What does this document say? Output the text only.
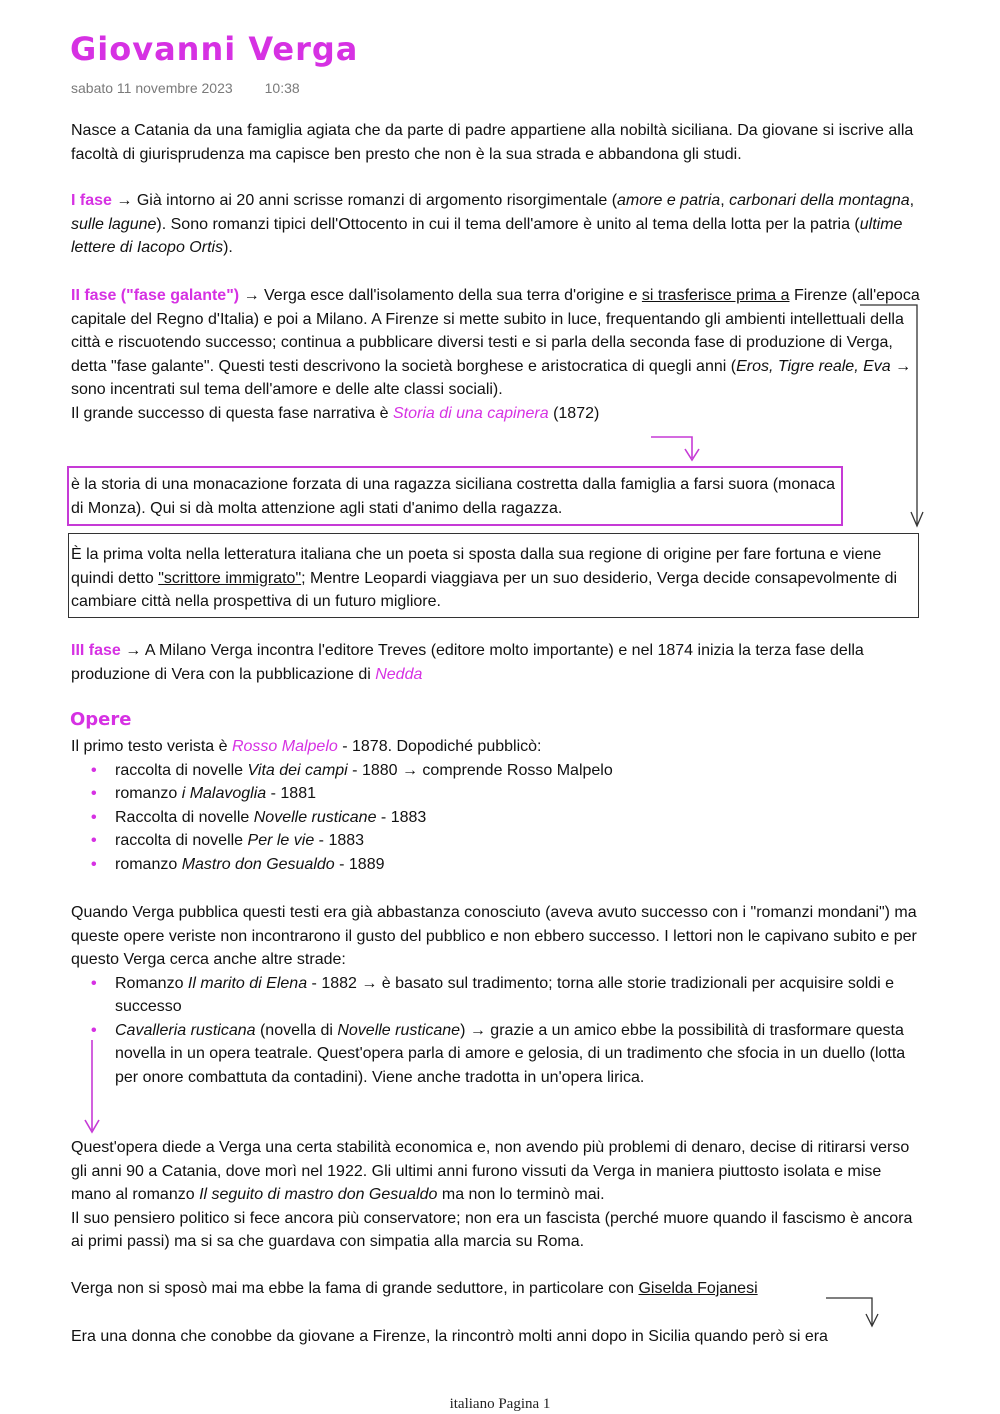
Giovanni Verga
sabato 11 novembre 2023 10:38
Nasce a Catania da una famiglia agiata che da parte di padre appartiene alla nobiltà siciliana. Da giovane si iscrive alla facoltà di giurisprudenza ma capisce ben presto che non è la sua strada e abbandona gli studi.
I fase → Già intorno ai 20 anni scrisse romanzi di argomento risorgimentale (amore e patria, carbonari della montagna, sulle lagune). Sono romanzi tipici dell'Ottocento in cui il tema dell'amore è unito al tema della lotta per la patria (ultime lettere di Iacopo Ortis).
II fase ("fase galante") → Verga esce dall'isolamento della sua terra d'origine e si trasferisce prima a Firenze (all'epoca capitale del Regno d'Italia) e poi a Milano. A Firenze si mette subito in luce, frequentando gli ambienti intellettuali della città e riscuotendo successo; continua a pubblicare diversi testi e si parla della seconda fase di produzione di Verga, detta "fase galante". Questi testi descrivono la società borghese e aristocratica di quegli anni (Eros, Tigre reale, Eva → sono incentrati sul tema dell'amore e delle alte classi sociali).
Il grande successo di questa fase narrativa è Storia di una capinera (1872)
è la storia di una monacazione forzata di una ragazza siciliana costretta dalla famiglia a farsi suora (monaca di Monza). Qui si dà molta attenzione agli stati d'animo della ragazza.
È la prima volta nella letteratura italiana che un poeta si sposta dalla sua regione di origine per fare fortuna e viene quindi detto "scrittore immigrato"; Mentre Leopardi viaggiava per un suo desiderio, Verga decide consapevolmente di cambiare città nella prospettiva di un futuro migliore.
III fase → A Milano Verga incontra l'editore Treves (editore molto importante) e nel 1874 inizia la terza fase della produzione di Vera con la pubblicazione di Nedda
Opere
Il primo testo verista è Rosso Malpelo - 1878. Dopodiché pubblicò:
• raccolta di novelle Vita dei campi - 1880 → comprende Rosso Malpelo
• romanzo i Malavoglia - 1881
• Raccolta di novelle Novelle rusticane - 1883
• raccolta di novelle Per le vie - 1883
• romanzo Mastro don Gesualdo - 1889
Quando Verga pubblica questi testi era già abbastanza conosciuto (aveva avuto successo con i "romanzi mondani") ma queste opere veriste non incontrarono il gusto del pubblico e non ebbero successo. I lettori non le capivano subito e per questo Verga cerca anche altre strade:
• Romanzo Il marito di Elena - 1882 → è basato sul tradimento; torna alle storie tradizionali per acquisire soldi e successo
• Cavalleria rusticana (novella di Novelle rusticane) → grazie a un amico ebbe la possibilità di trasformare questa novella in un opera teatrale. Quest'opera parla di amore e gelosia, di un tradimento che sfocia in un duello (lotta per onore combattuta da contadini). Viene anche tradotta in un'opera lirica.
Quest'opera diede a Verga una certa stabilità economica e, non avendo più problemi di denaro, decise di ritirarsi verso gli anni 90 a Catania, dove morì nel 1922. Gli ultimi anni furono vissuti da Verga in maniera piuttosto isolata e mise mano al romanzo Il seguito di mastro don Gesualdo ma non lo terminò mai.
Il suo pensiero politico si fece ancora più conservatore; non era un fascista (perché muore quando il fascismo è ancora ai primi passi) ma si sa che guardava con simpatia alla marcia su Roma.
Verga non si sposò mai ma ebbe la fama di grande seduttore, in particolare con Giselda Fojanesi
Era una donna che conobbe da giovane a Firenze, la rincontrò molti anni dopo in Sicilia quando però si era
italiano Pagina 1
